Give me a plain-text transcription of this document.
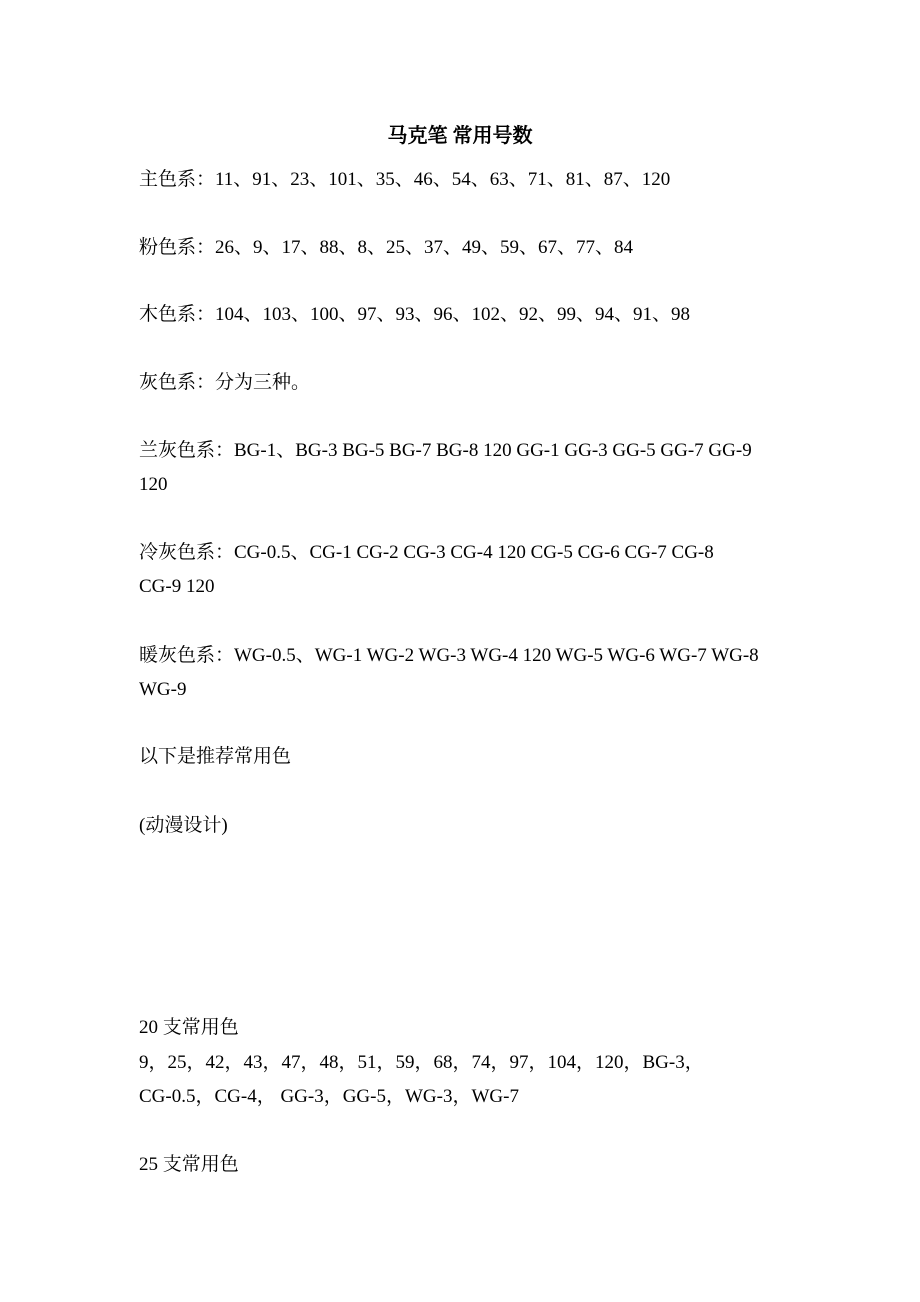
马克笔 常用号数
主色系：11、91、23、101、35、46、54、63、71、81、87、120
粉色系：26、9、17、88、8、25、37、49、59、67、77、84
木色系：104、103、100、97、93、96、102、92、99、94、91、98
灰色系：分为三种。
兰灰色系：BG-1、BG-3 BG-5 BG-7 BG-8 120 GG-1 GG-3 GG-5 GG-7 GG-9
120
冷灰色系：CG-0.5、CG-1 CG-2 CG-3 CG-4 120 CG-5 CG-6 CG-7 CG-8
CG-9 120
暖灰色系：WG-0.5、WG-1 WG-2 WG-3 WG-4 120 WG-5 WG-6 WG-7 WG-8
WG-9
以下是推荐常用色
(动漫设计)
20 支常用色
9，25，42，43，47，48，51，59，68，74，97，104，120，BG-3，
CG-0.5，CG-4， GG-3，GG-5，WG-3，WG-7
25 支常用色
